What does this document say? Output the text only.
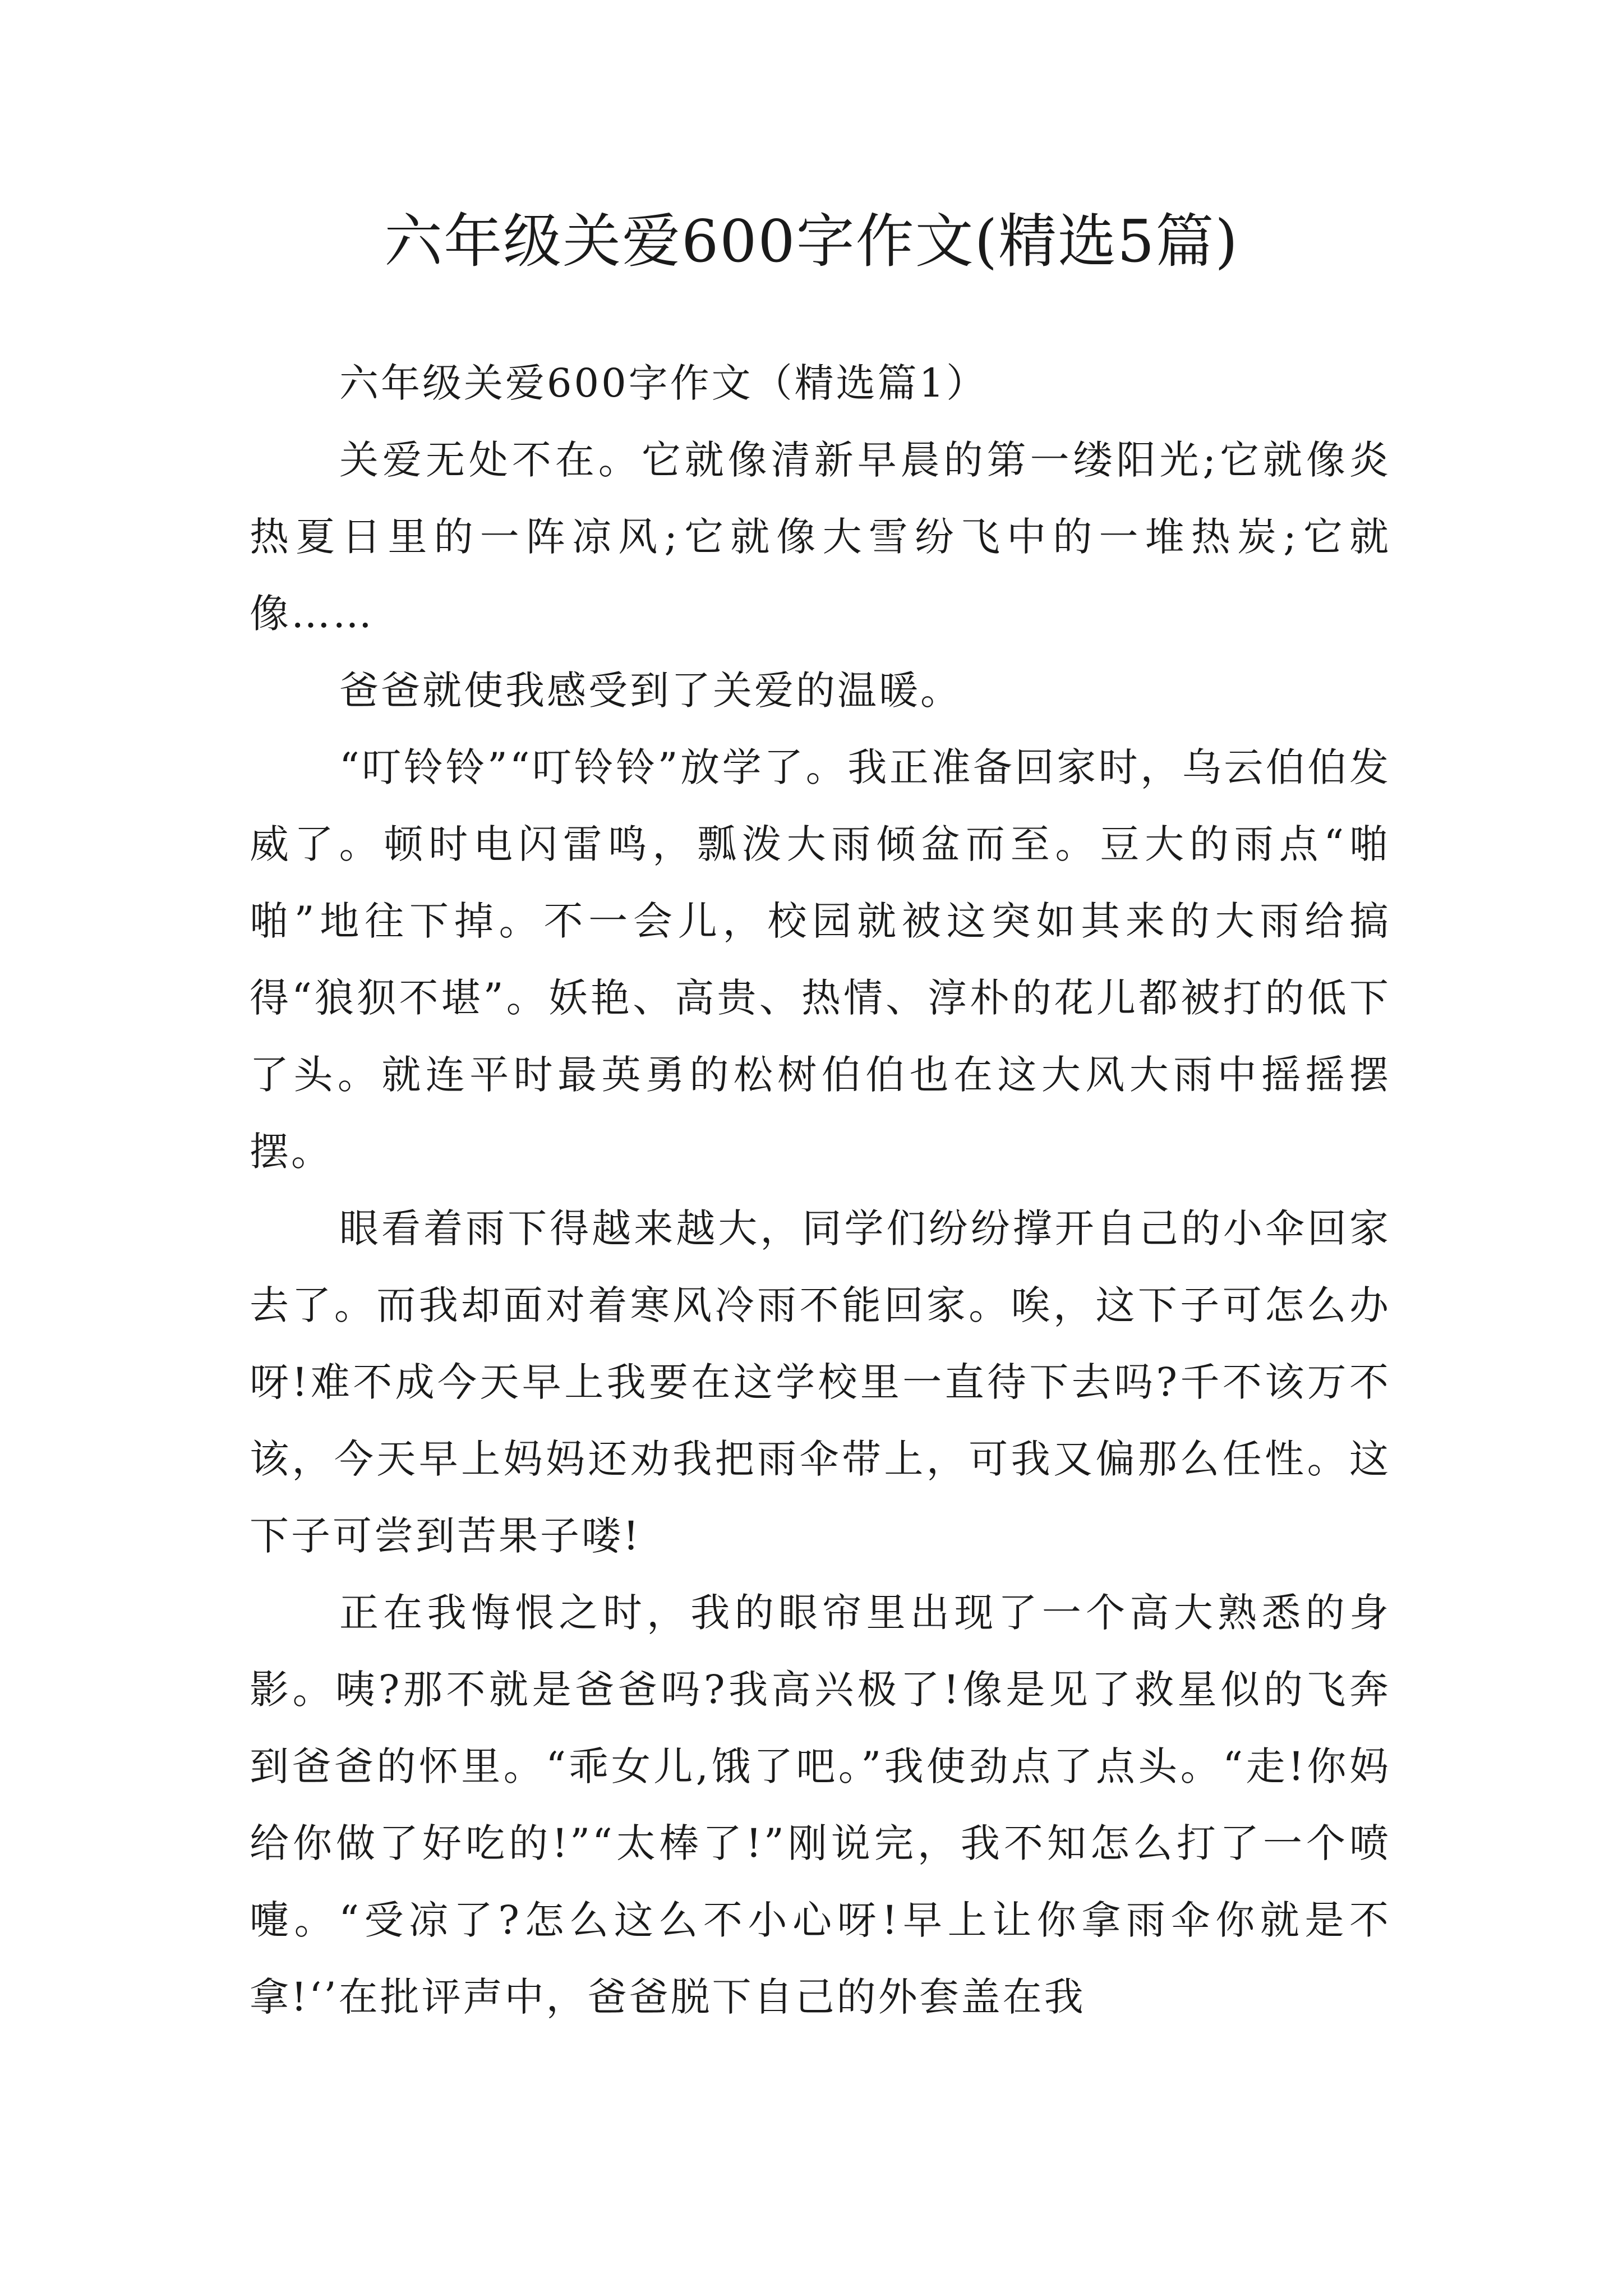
六年级关爱600字作文(精选5篇)

六年级关爱600字作文（精选篇1）

关爱无处不在。它就像清新早晨的第一缕阳光;它就像炎热夏日里的一阵凉风;它就像大雪纷飞中的一堆热炭;它就像……

爸爸就使我感受到了关爱的温暖。

“叮铃铃”“叮铃铃”放学了。我正准备回家时，乌云伯伯发威了。顿时电闪雷鸣，瓢泼大雨倾盆而至。豆大的雨点“啪啪”地往下掉。不一会儿，校园就被这突如其来的大雨给搞得“狼狈不堪”。妖艳、高贵、热情、淳朴的花儿都被打的低下了头。就连平时最英勇的松树伯伯也在这大风大雨中摇摇摆摆。

眼看着雨下得越来越大，同学们纷纷撑开自己的小伞回家去了。而我却面对着寒风冷雨不能回家。唉，这下子可怎么办呀!难不成今天早上我要在这学校里一直待下去吗?千不该万不该，今天早上妈妈还劝我把雨伞带上，可我又偏那么任性。这下子可尝到苦果子喽!

正在我悔恨之时，我的眼帘里出现了一个高大熟悉的身影。咦?那不就是爸爸吗?我高兴极了!像是见了救星似的飞奔到爸爸的怀里。“乖女儿,饿了吧。”我使劲点了点头。“走!你妈给你做了好吃的!”“太棒了!”刚说完，我不知怎么打了一个喷嚏。“受凉了?怎么这么不小心呀!早上让你拿雨伞你就是不拿!‘’在批评声中，爸爸脱下自己的外套盖在我
